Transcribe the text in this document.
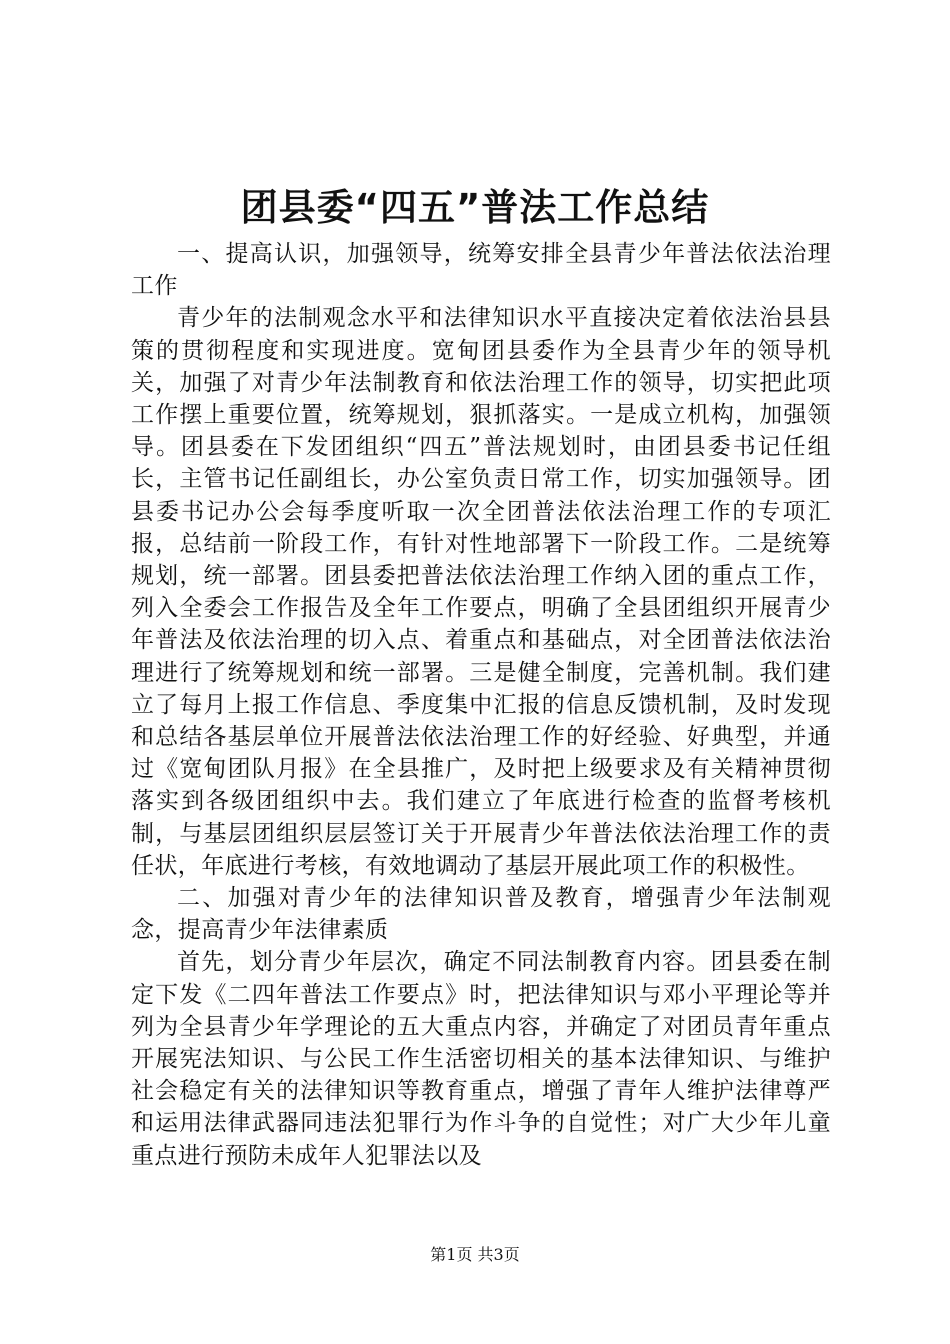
团县委“四五”普法工作总结

一、提高认识，加强领导，统筹安排全县青少年普法依法治理工作

青少年的法制观念水平和法律知识水平直接决定着依法治县县策的贯彻程度和实现进度。宽甸团县委作为全县青少年的领导机关，加强了对青少年法制教育和依法治理工作的领导，切实把此项工作摆上重要位置，统筹规划，狠抓落实。一是成立机构，加强领导。团县委在下发团组织“四五”普法规划时，由团县委书记任组长，主管书记任副组长，办公室负责日常工作，切实加强领导。团县委书记办公会每季度听取一次全团普法依法治理工作的专项汇报，总结前一阶段工作，有针对性地部署下一阶段工作。二是统筹规划，统一部署。团县委把普法依法治理工作纳入团的重点工作，列入全委会工作报告及全年工作要点，明确了全县团组织开展青少年普法及依法治理的切入点、着重点和基础点，对全团普法依法治理进行了统筹规划和统一部署。三是健全制度，完善机制。我们建立了每月上报工作信息、季度集中汇报的信息反馈机制，及时发现和总结各基层单位开展普法依法治理工作的好经验、好典型，并通过《宽甸团队月报》在全县推广，及时把上级要求及有关精神贯彻落实到各级团组织中去。我们建立了年底进行检查的监督考核机制，与基层团组织层层签订关于开展青少年普法依法治理工作的责任状，年底进行考核，有效地调动了基层开展此项工作的积极性。

二、加强对青少年的法律知识普及教育，增强青少年法制观念，提高青少年法律素质

首先，划分青少年层次，确定不同法制教育内容。团县委在制定下发《二四年普法工作要点》时，把法律知识与邓小平理论等并列为全县青少年学理论的五大重点内容，并确定了对团员青年重点开展宪法知识、与公民工作生活密切相关的基本法律知识、与维护社会稳定有关的法律知识等教育重点，增强了青年人维护法律尊严和运用法律武器同违法犯罪行为作斗争的自觉性；对广大少年儿童重点进行预防未成年人犯罪法以及

第1页 共3页
